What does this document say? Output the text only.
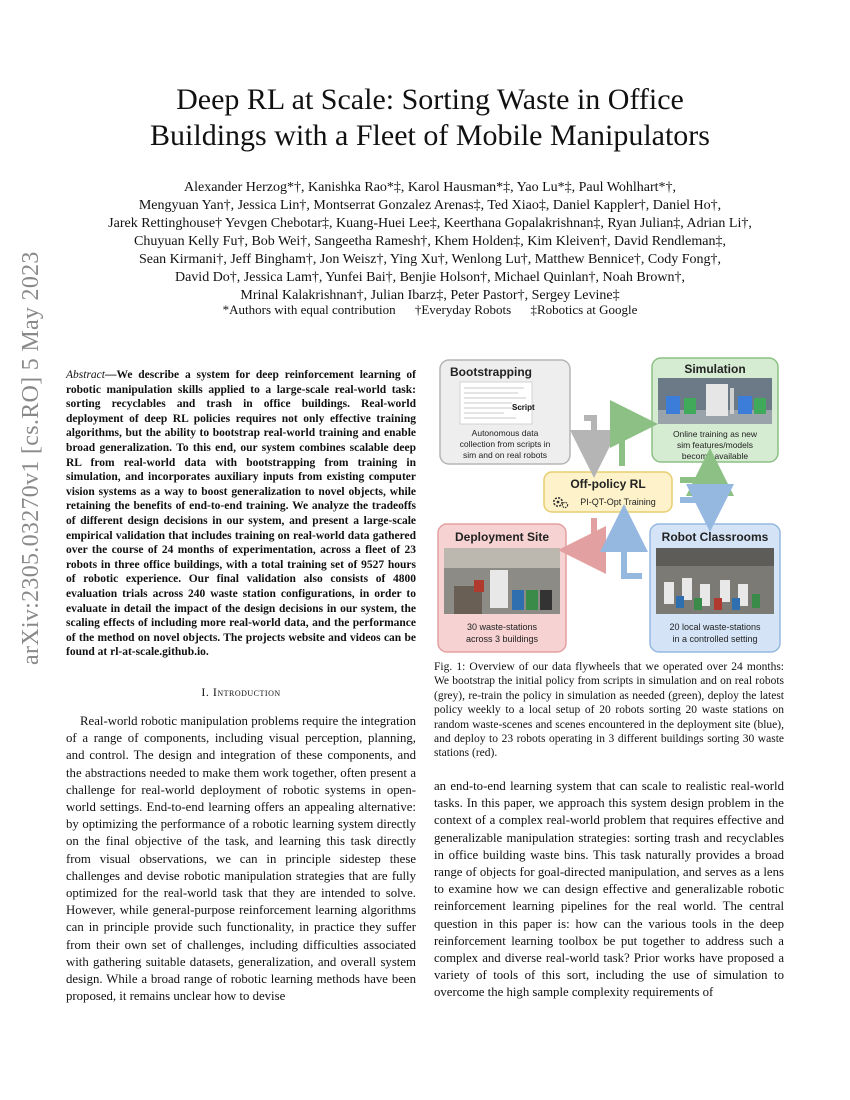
arXiv:2305.03270v1 [cs.RO] 5 May 2023
Deep RL at Scale: Sorting Waste in Office
Buildings with a Fleet of Mobile Manipulators
Alexander Herzog*†, Kanishka Rao*‡, Karol Hausman*‡, Yao Lu*‡, Paul Wohlhart*†,
Mengyuan Yan†, Jessica Lin†, Montserrat Gonzalez Arenas‡, Ted Xiao‡, Daniel Kappler†, Daniel Ho†,
Jarek Rettinghouse† Yevgen Chebotar‡, Kuang-Huei Lee‡, Keerthana Gopalakrishnan‡, Ryan Julian‡, Adrian Li†,
Chuyuan Kelly Fu†, Bob Wei†, Sangeetha Ramesh†, Khem Holden‡, Kim Kleiven†, David Rendleman‡,
Sean Kirmani†, Jeff Bingham†, Jon Weisz†, Ying Xu†, Wenlong Lu†, Matthew Bennice†, Cody Fong†,
David Do†, Jessica Lam†, Yunfei Bai†, Benjie Holson†, Michael Quinlan†, Noah Brown†,
Mrinal Kalakrishnan†, Julian Ibarz‡, Peter Pastor†, Sergey Levine‡
*Authors with equal contribution †Everyday Robots ‡Robotics at Google

Abstract—We describe a system for deep reinforcement learning of robotic manipulation skills applied to a large-scale real-world task: sorting recyclables and trash in office buildings. Real-world deployment of deep RL policies requires not only effective training algorithms, but the ability to bootstrap real-world training and enable broad generalization. To this end, our system combines scalable deep RL from real-world data with bootstrapping from training in simulation, and incorporates auxiliary inputs from existing computer vision systems as a way to boost generalization to novel objects, while retaining the benefits of end-to-end training. We analyze the tradeoffs of different design decisions in our system, and present a large-scale empirical validation that includes training on real-world data gathered over the course of 24 months of experimentation, across a fleet of 23 robots in three office buildings, with a total training set of 9527 hours of robotic experience. Our final validation also consists of 4800 evaluation trials across 240 waste station configurations, in order to evaluate in detail the impact of the design decisions in our system, the scaling effects of including more real-world data, and the performance of the method on novel objects. The projects website and videos can be found at rl-at-scale.github.io.

I. Introduction

Real-world robotic manipulation problems require the integration of a range of components, including visual perception, planning, and control. The design and integration of these components, and the abstractions needed to make them work together, often present a challenge for real-world deployment of robotic systems in open-world settings. End-to-end learning offers an appealing alternative: by optimizing the performance of a robotic learning system directly on the final objective of the task, and learning this task directly from visual observations, we can in principle sidestep these challenges and devise robotic manipulation strategies that are fully optimized for the real-world task that they are intended to solve. However, while general-purpose reinforcement learning algorithms can in principle provide such functionality, in practice they suffer from their own set of challenges, including difficulties associated with gathering suitable datasets, generalization, and overall system design. While a broad range of robotic learning methods have been proposed, it remains unclear how to devise

Bootstrapping
Script
Autonomous data
collection from scripts in
sim and on real robots
Simulation
Online training as new
sim features/models
become available
Off-policy RL
PI-QT-Opt Training
Deployment Site
30 waste-stations
across 3 buildings
Robot Classrooms
20 local waste-stations
in a controlled setting

Fig. 1: Overview of our data flywheels that we operated over 24 months: We bootstrap the initial policy from scripts in simulation and on real robots (grey), re-train the policy in simulation as needed (green), deploy the latest policy weekly to a local setup of 20 robots sorting 20 waste stations on random waste-scenes and scenes encountered in the deployment site (blue), and deploy to 23 robots operating in 3 different buildings sorting 30 waste stations (red).

an end-to-end learning system that can scale to realistic real-world tasks. In this paper, we approach this system design problem in the context of a complex real-world problem that requires effective and generalizable manipulation strategies: sorting trash and recyclables in office building waste bins. This task naturally provides a broad range of objects for goal-directed manipulation, and serves as a lens to examine how we can design effective and generalizable robotic reinforcement learning pipelines for the real world. The central question in this paper is: how can the various tools in the deep reinforcement learning toolbox be put together to address such a complex and diverse real-world task? Prior works have proposed a variety of tools of this sort, including the use of simulation to overcome the high sample complexity requirements of
